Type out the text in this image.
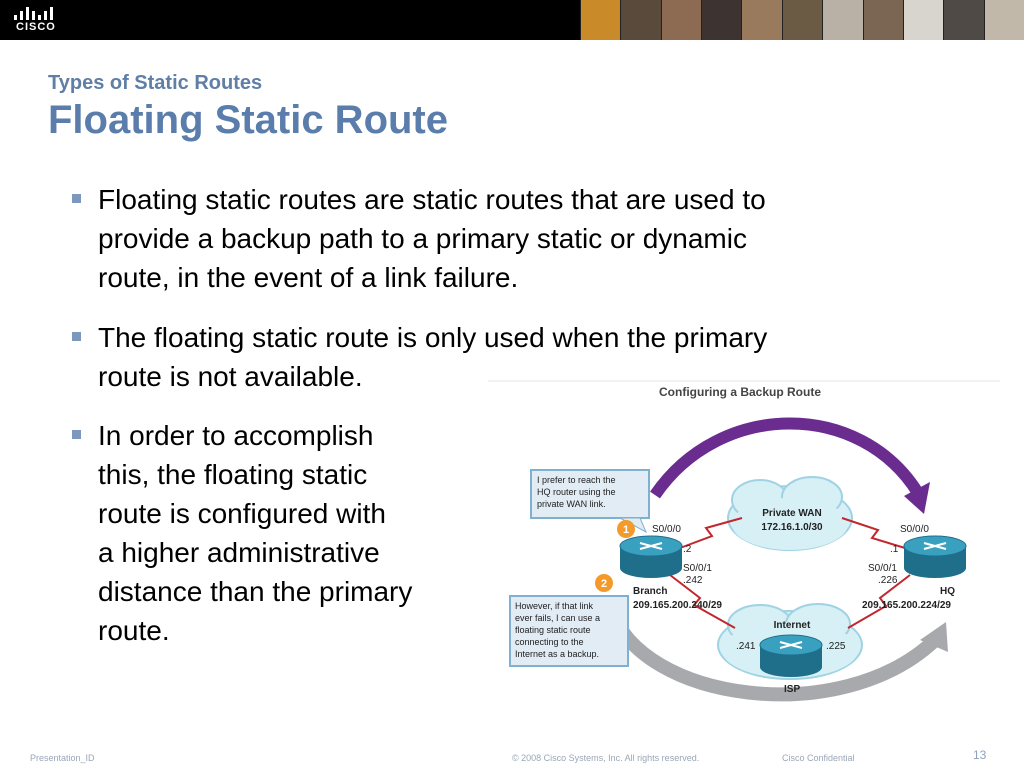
CISCO
Types of Static Routes
Floating Static Route
Floating static routes are static routes that are used to
provide a backup path to a primary static or dynamic
route, in the event of a link failure.
The floating static route is only used when the primary
route is not available.
In order to accomplish
this, the floating static
route is configured with
a higher administrative
distance than the primary
route.
Configuring a Backup Route
Private WAN
172.16.1.0/30
Internet
S0/0/0
.2
S0/0/1
.242
Branch
209.165.200.240/29
S0/0/0
.1
S0/0/1
.226
HQ
209.165.200.224/29
.241	.225
ISP
I prefer to reach the HQ router using the private WAN link.
1
However, if that link ever fails, I can use a floating static route connecting to the Internet as a backup.
2
Presentation_ID	© 2008 Cisco Systems, Inc. All rights reserved.	Cisco Confidential	13
